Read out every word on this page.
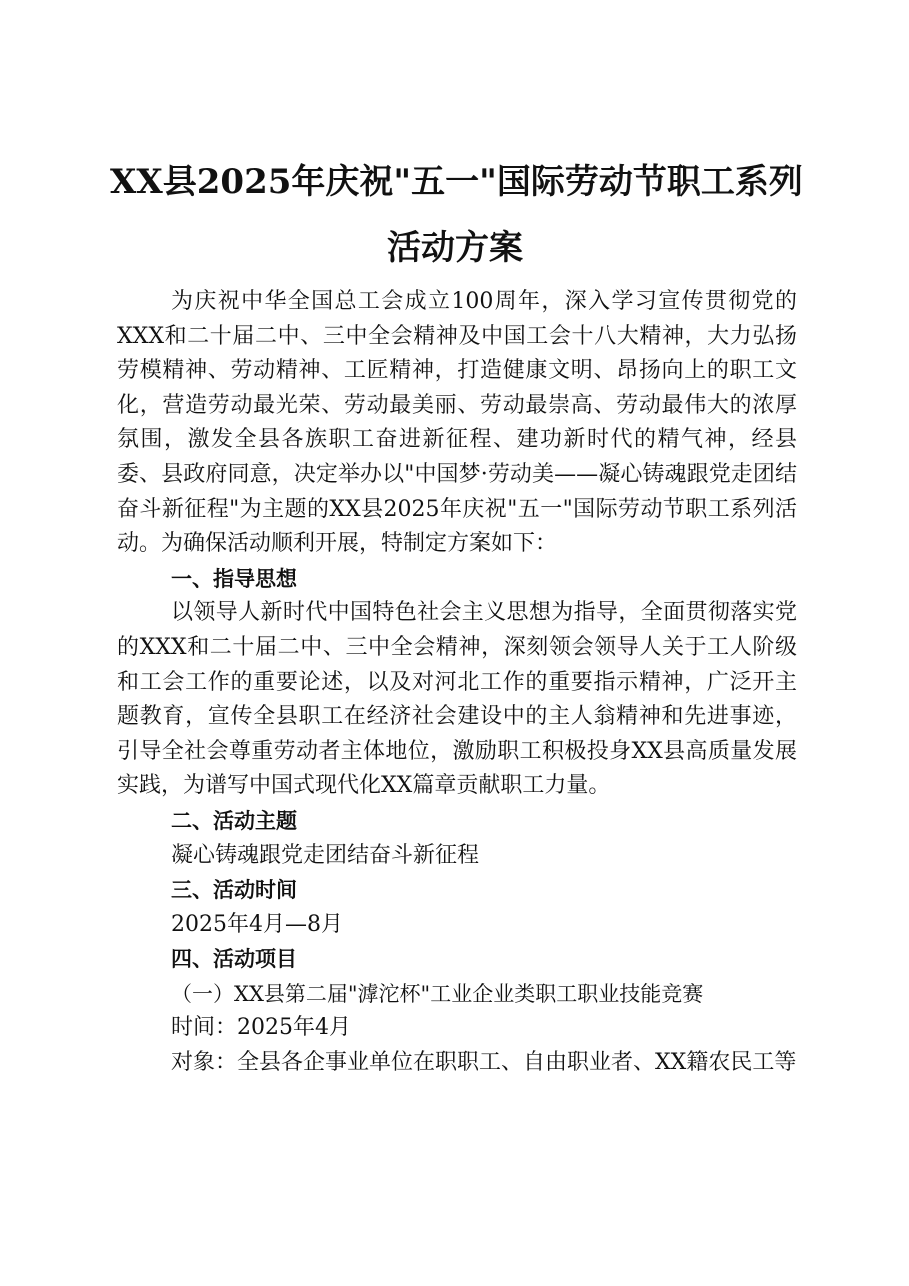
XX县2025年庆祝"五一"国际劳动节职工系列
活动方案

为庆祝中华全国总工会成立100周年，深入学习宣传贯彻党的XXX和二十届二中、三中全会精神及中国工会十八大精神，大力弘扬劳模精神、劳动精神、工匠精神，打造健康文明、昂扬向上的职工文化，营造劳动最光荣、劳动最美丽、劳动最崇高、劳动最伟大的浓厚氛围，激发全县各族职工奋进新征程、建功新时代的精气神，经县委、县政府同意，决定举办以"中国梦·劳动美——凝心铸魂跟党走团结奋斗新征程"为主题的XX县2025年庆祝"五一"国际劳动节职工系列活动。为确保活动顺利开展，特制定方案如下：

一、指导思想

以领导人新时代中国特色社会主义思想为指导，全面贯彻落实党的XXX和二十届二中、三中全会精神，深刻领会领导人关于工人阶级和工会工作的重要论述，以及对河北工作的重要指示精神，广泛开主题教育，宣传全县职工在经济社会建设中的主人翁精神和先进事迹，引导全社会尊重劳动者主体地位，激励职工积极投身XX县高质量发展实践，为谱写中国式现代化XX篇章贡献职工力量。

二、活动主题

凝心铸魂跟党走团结奋斗新征程

三、活动时间

2025年4月—8月

四、活动项目

（一）XX县第二届"滹沱杯"工业企业类职工职业技能竞赛

时间：2025年4月

对象：全县各企事业单位在职职工、自由职业者、XX籍农民工等
